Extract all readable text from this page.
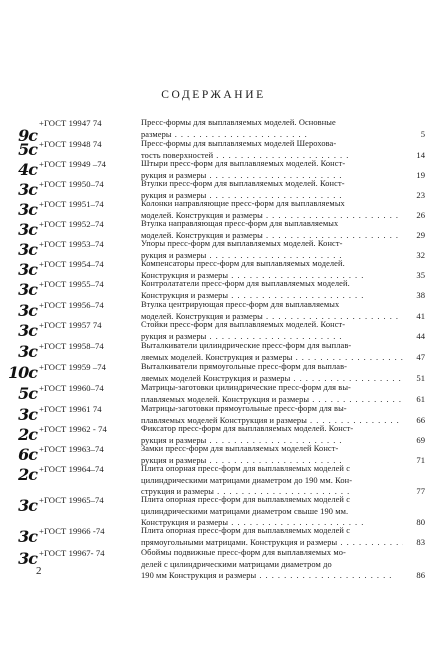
СОДЕРЖАНИЕ
9с
+ГОСТ 19947 74	Пресс-формы для выплавляемых моделей. Основные
размеры . .	5
5с +ГОСТ 19948 74	Пресс-формы для выплавляемых моделей Шерохова-
тость поверхностей . .	14
4с +ГОСТ 19949 –74	Штыри пресс-форм для выплавляемых моделей. Конст-
рукция и размеры . .	19
3с +ГОСТ 19950–74	Втулки пресс-форм для выплавляемых моделей. Конст-
рукция и размеры . .	23
3с +ГОСТ 19951–74	Колонки направляющие пресс-форм для выплавляемых
моделей. Конструкция и размеры . .	26
3с +ГОСТ 19952–74	Втулка направляющая пресс-форм для выплавляемых
моделей. Конструкция и размеры . .	29
3с +ГОСТ 19953–74	Упоры пресс-форм для выплавляемых моделей. Конст-
рукция и размеры . .	32
3с +ГОСТ 19954–74	Компенсаторы пресс-форм для выплавляемых моделей.
Конструкция и размеры . .	35
3с +ГОСТ 19955–74	Контролататели пресс-форм для выплавляемых моделей.
Конструкция и размеры . .	38
3с +ГОСТ 19956–74	Втулка центрирующая пресс-форм для выплавляемых
моделей. Конструкция и размеры . .	41
3с +ГОСТ 19957 74	Стойки пресс-форм для выплавляемых моделей. Конст-
рукция и размеры . .	44
3с +ГОСТ 19958–74	Выталкиватели цилиндрические пресс-форм для выплав-
ляемых моделей. Конструкция и размеры . .	47
10с +ГОСТ 19959 –74	Выталкиватели прямоугольные пресс-форм для выплав-
ляемых моделей Конструкция и размеры . .	51
5с +ГОСТ 19960–74	Матрицы-заготовки цилиндрические пресс-форм для вы-
плавляемых моделей. Конструкция и размеры . .	61
3с +ГОСТ 19961 74	Матрицы-заготовки прямоугольные пресс-форм для вы-
плавляемых моделей Конструкция и размеры . .	66
2с +ГОСТ 19962 - 74	Фиксатор пресс-форм для выплавляемых моделей. Конст-
рукция и размеры . .	69
6с +ГОСТ 19963–74	Замки пресс-форм для выплавляемых моделей Конст-
рукция и размеры . .	71
2с +ГОСТ 19964–74	Плита опорная пресс-форм для выплавляемых моделей с
цилиндрическими матрицами диаметром до 190 мм. Кон-
струкция и размеры . .	77
3с +ГОСТ 19965–74	Плита опорная пресс-форм для выплавляемых моделей с
цилиндрическими матрицами диаметром свыше 190 мм.
Конструкция и размеры . .	80
3с +ГОСТ 19966 -74	Плита опорная пресс-форм для выплавляемых моделей с
прямоугольными матрицами. Конструкция и размеры . .	83
3с +ГОСТ 19967- 74	Обоймы подвижные пресс-форм для выплавляемых мо-
делей с цилиндрическими матрицами диаметром до
190 мм Конструкция и размеры . .	86
2
